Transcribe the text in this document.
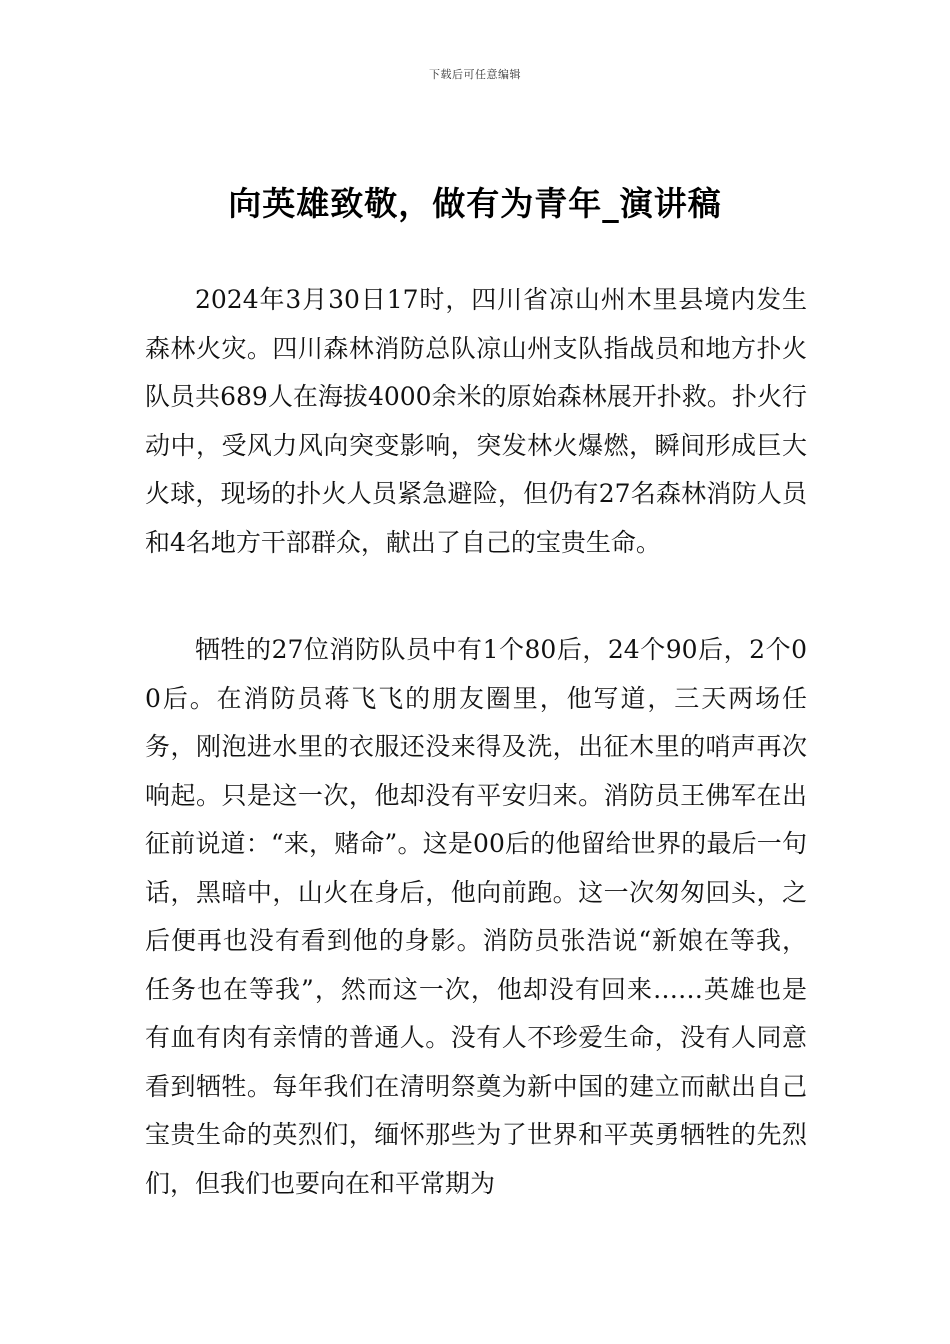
下载后可任意编辑
向英雄致敬，做有为青年_演讲稿

2024年3月30日17时，四川省凉山州木里县境内发生森林火灾。四川森林消防总队凉山州支队指战员和地方扑火队员共689人在海拔4000余米的原始森林展开扑救。扑火行动中，受风力风向突变影响，突发林火爆燃，瞬间形成巨大火球，现场的扑火人员紧急避险，但仍有27名森林消防人员和4名地方干部群众，献出了自己的宝贵生命。

牺牲的27位消防队员中有1个80后，24个90后，2个00后。在消防员蒋飞飞的朋友圈里，他写道，三天两场任务，刚泡进水里的衣服还没来得及洗，出征木里的哨声再次响起。只是这一次，他却没有平安归来。消防员王佛军在出征前说道：“来，赌命”。这是00后的他留给世界的最后一句话，黑暗中，山火在身后，他向前跑。这一次匆匆回头，之后便再也没有看到他的身影。消防员张浩说“新娘在等我，任务也在等我”，然而这一次，他却没有回来……英雄也是有血有肉有亲情的普通人。没有人不珍爱生命，没有人同意看到牺牲。每年我们在清明祭奠为新中国的建立而献出自己宝贵生命的英烈们，缅怀那些为了世界和平英勇牺牲的先烈们，但我们也要向在和平常期为
